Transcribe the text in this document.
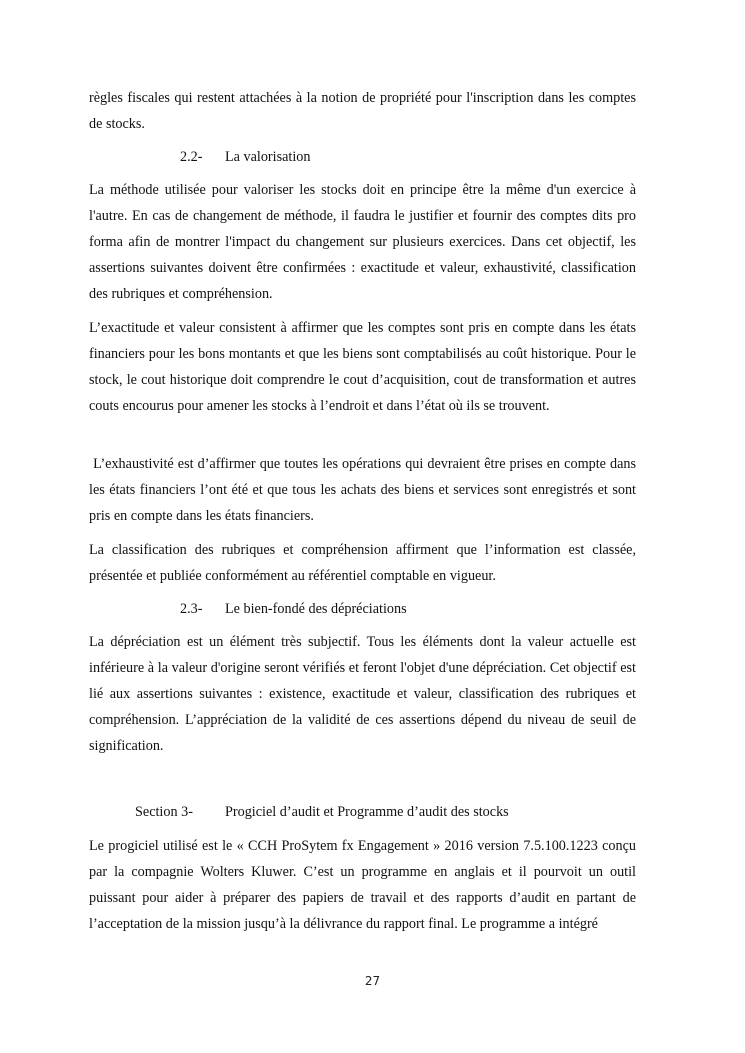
règles fiscales qui restent attachées à la notion de propriété pour l'inscription dans les comptes de stocks.

2.2- La valorisation

La méthode utilisée pour valoriser les stocks doit en principe être la même d'un exercice à l'autre. En cas de changement de méthode, il faudra le justifier et fournir des comptes dits pro forma afin de montrer l'impact du changement sur plusieurs exercices. Dans cet objectif, les assertions suivantes doivent être confirmées : exactitude et valeur, exhaustivité, classification des rubriques et compréhension.

L’exactitude et valeur consistent à affirmer que les comptes sont pris en compte dans les états financiers pour les bons montants et que les biens sont comptabilisés au coût historique. Pour le stock, le cout historique doit comprendre le cout d’acquisition, cout de transformation et autres couts encourus pour amener les stocks à l’endroit et dans l’état où ils se trouvent.

L’exhaustivité est d’affirmer que toutes les opérations qui devraient être prises en compte dans les états financiers l’ont été et que tous les achats des biens et services sont enregistrés et sont pris en compte dans les états financiers.

La classification des rubriques et compréhension affirment que l’information est classée, présentée et publiée conformément au référentiel comptable en vigueur.

2.3- Le bien-fondé des dépréciations

La dépréciation est un élément très subjectif. Tous les éléments dont la valeur actuelle est inférieure à la valeur d'origine seront vérifiés et feront l'objet d'une dépréciation. Cet objectif est lié aux assertions suivantes : existence, exactitude et valeur, classification des rubriques et compréhension. L’appréciation de la validité de ces assertions dépend du niveau de seuil de signification.

Section 3- Progiciel d’audit et Programme d’audit des stocks

Le progiciel utilisé est le « CCH ProSytem fx Engagement » 2016 version 7.5.100.1223 conçu par la compagnie Wolters Kluwer. C’est un programme en anglais et il pourvoit un outil puissant pour aider à préparer des papiers de travail et des rapports d’audit en partant de l’acceptation de la mission jusqu’à la délivrance du rapport final. Le programme a intégré

27
